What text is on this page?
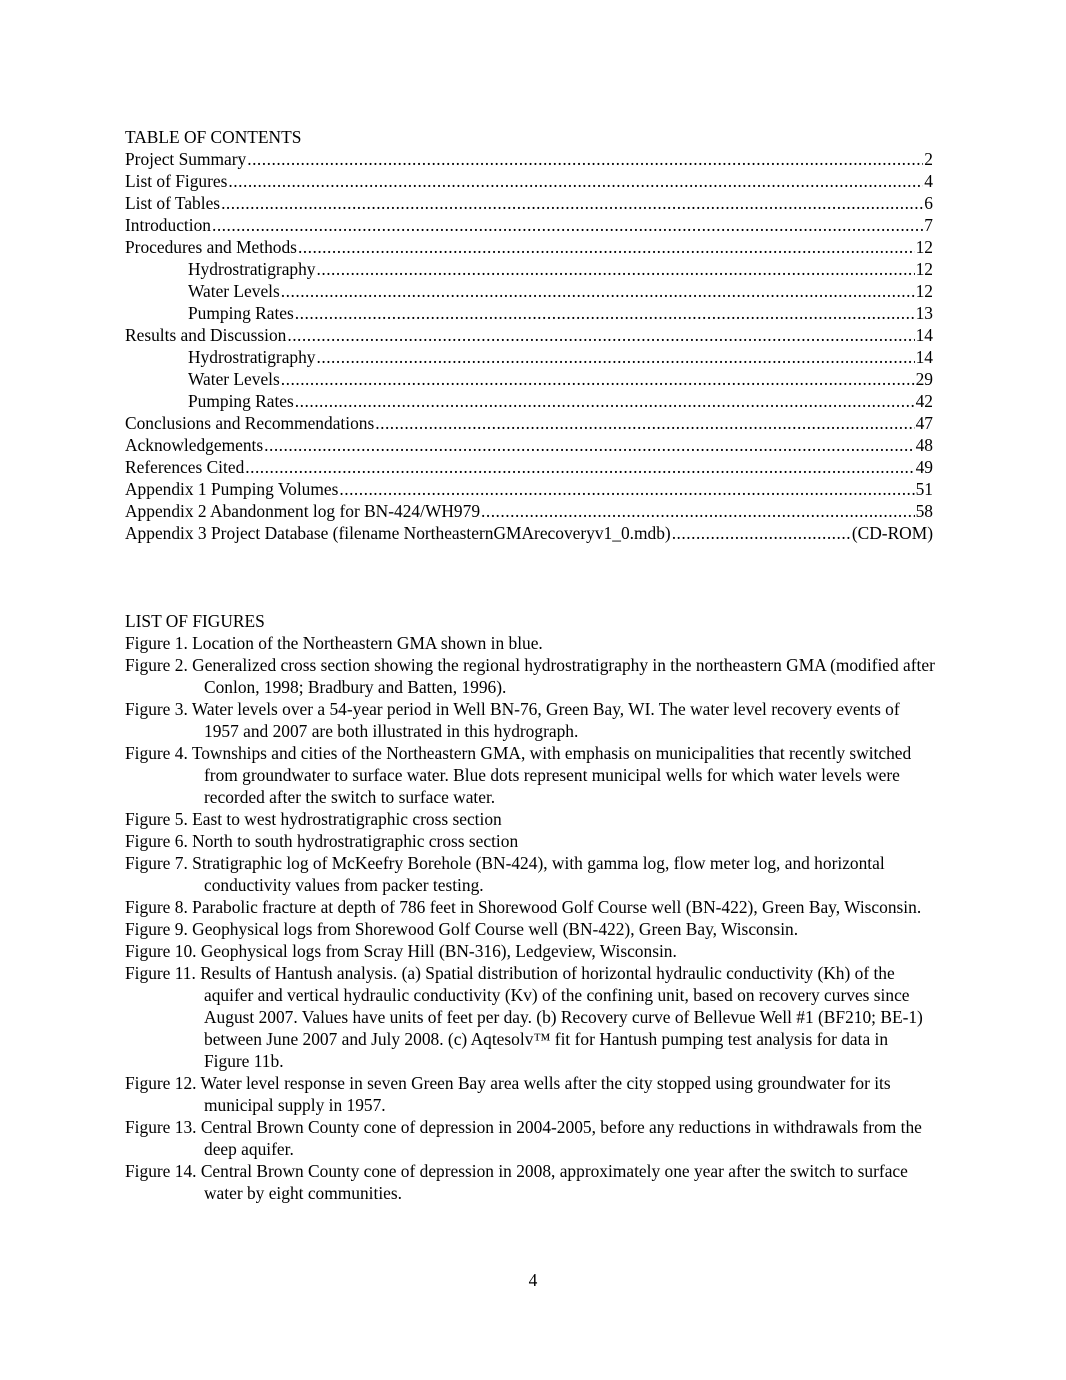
TABLE OF CONTENTS
Project Summary .....	2
List of Figures .....	4
List of Tables .....	6
Introduction .....	7
Procedures and Methods .....	12
Hydrostratigraphy .....	12
Water Levels .....	12
Pumping Rates .....	13
Results and Discussion .....	14
Hydrostratigraphy .....	14
Water Levels .....	29
Pumping Rates .....	42
Conclusions and Recommendations .....	47
Acknowledgements .....	48
References Cited .....	49
Appendix 1 Pumping Volumes .....	51
Appendix 2 Abandonment log for BN-424/WH979 .....	58
Appendix 3 Project Database (filename NortheasternGMArecoveryv1_0.mdb) .....	(CD-ROM)
LIST OF FIGURES

Figure 1. Location of the Northeastern GMA shown in blue.

Figure 2. Generalized cross section showing the regional hydrostratigraphy in the northeastern GMA (modified after Conlon, 1998; Bradbury and Batten, 1996).

Figure 3. Water levels over a 54-year period in Well BN-76, Green Bay, WI. The water level recovery events of 1957 and 2007 are both illustrated in this hydrograph.

Figure 4. Townships and cities of the Northeastern GMA, with emphasis on municipalities that recently switched from groundwater to surface water. Blue dots represent municipal wells for which water levels were recorded after the switch to surface water.

Figure 5. East to west hydrostratigraphic cross section

Figure 6. North to south hydrostratigraphic cross section

Figure 7. Stratigraphic log of McKeefry Borehole (BN-424), with gamma log, flow meter log, and horizontal conductivity values from packer testing.

Figure 8. Parabolic fracture at depth of 786 feet in Shorewood Golf Course well (BN-422), Green Bay, Wisconsin.

Figure 9. Geophysical logs from Shorewood Golf Course well (BN-422), Green Bay, Wisconsin.

Figure 10. Geophysical logs from Scray Hill (BN-316), Ledgeview, Wisconsin.

Figure 11. Results of Hantush analysis. (a) Spatial distribution of horizontal hydraulic conductivity (Kh) of the aquifer and vertical hydraulic conductivity (Kv) of the confining unit, based on recovery curves since August 2007. Values have units of feet per day. (b) Recovery curve of Bellevue Well #1 (BF210; BE-1) between June 2007 and July 2008. (c) Aqtesolv™ fit for Hantush pumping test analysis for data in Figure 11b.

Figure 12. Water level response in seven Green Bay area wells after the city stopped using groundwater for its municipal supply in 1957.

Figure 13. Central Brown County cone of depression in 2004-2005, before any reductions in withdrawals from the deep aquifer.

Figure 14. Central Brown County cone of depression in 2008, approximately one year after the switch to surface water by eight communities.

4
